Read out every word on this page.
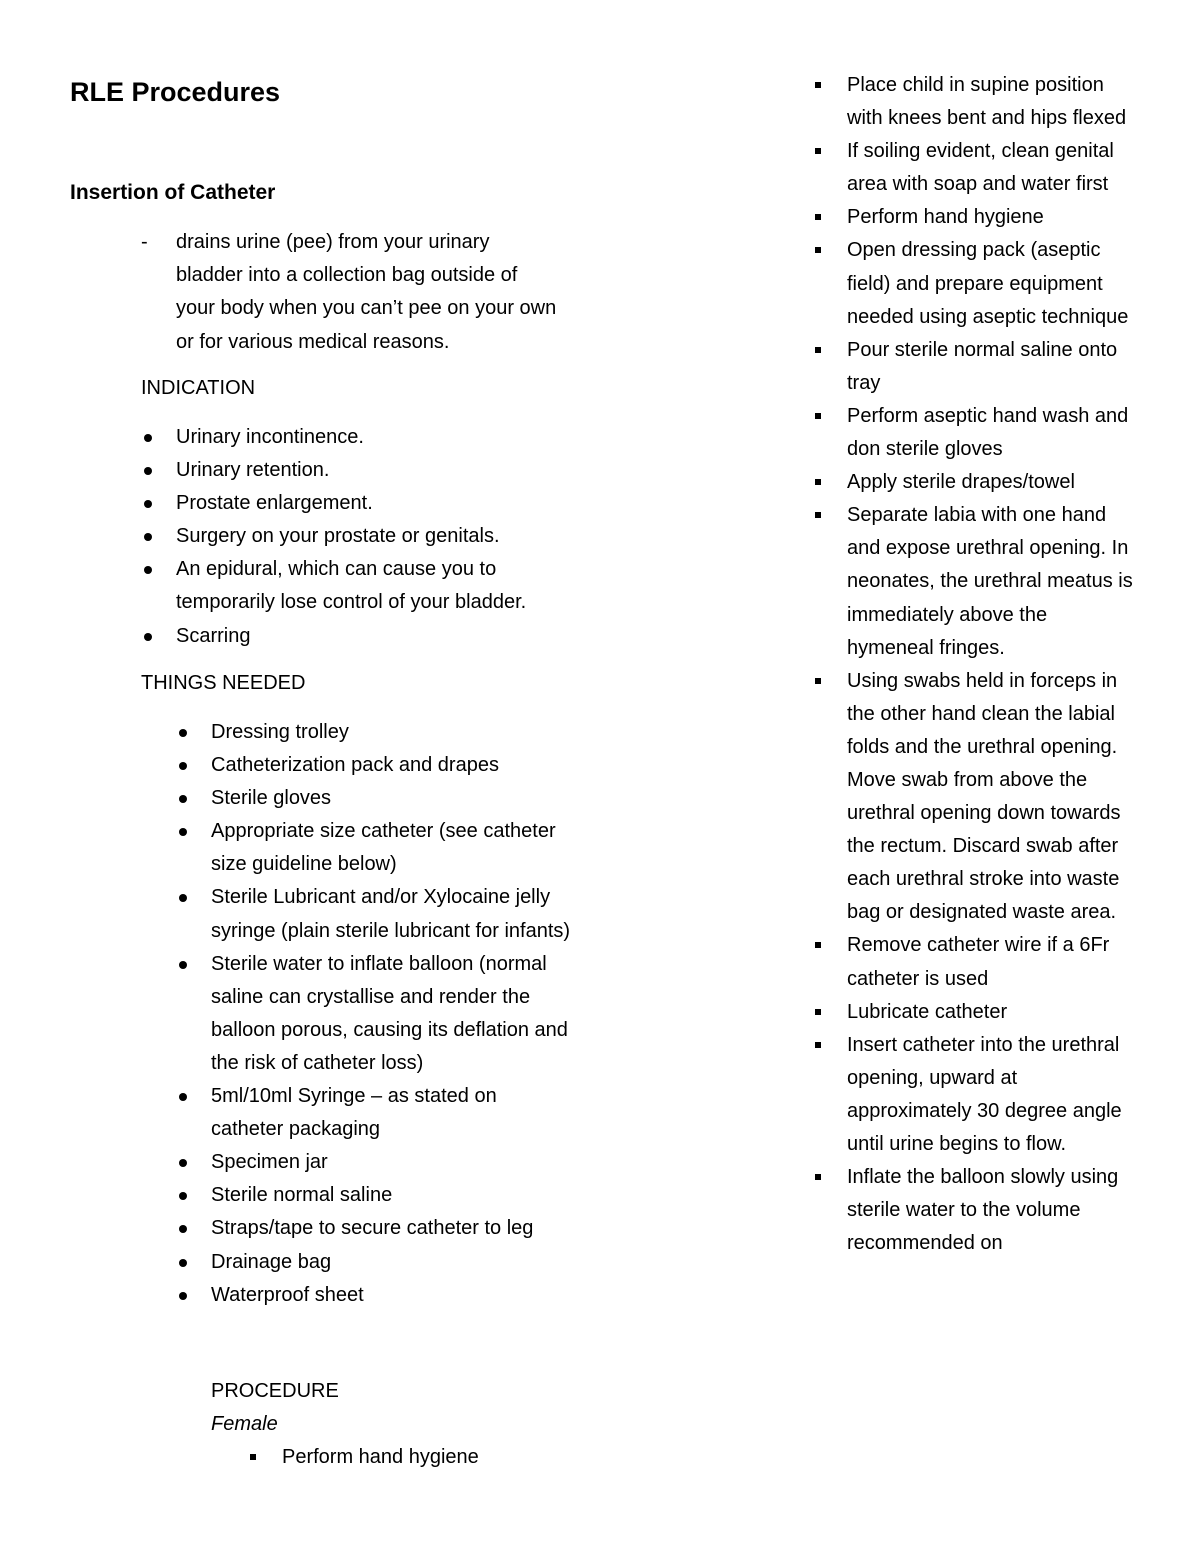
RLE Procedures
Insertion of Catheter
- drains urine (pee) from your urinary bladder into a collection bag outside of your body when you can’t pee on your own or for various medical reasons.
INDICATION
Urinary incontinence.
Urinary retention.
Prostate enlargement.
Surgery on your prostate or genitals.
An epidural, which can cause you to temporarily lose control of your bladder.
Scarring
THINGS NEEDED
Dressing trolley
Catheterization pack and drapes
Sterile gloves
Appropriate size catheter (see catheter size guideline below)
Sterile Lubricant and/or Xylocaine jelly syringe (plain sterile lubricant for infants)
Sterile water to inflate balloon (normal saline can crystallise and render the balloon porous, causing its deflation and the risk of catheter loss)
5ml/10ml Syringe – as stated on catheter packaging
Specimen jar
Sterile normal saline
Straps/tape to secure catheter to leg
Drainage bag
Waterproof sheet
PROCEDURE
Female
Perform hand hygiene
Place child in supine position with knees bent and hips flexed
If soiling evident, clean genital area with soap and water first
Perform hand hygiene
Open dressing pack (aseptic field) and prepare equipment needed using aseptic technique
Pour sterile normal saline onto tray
Perform aseptic hand wash and don sterile gloves
Apply sterile drapes/towel
Separate labia with one hand and expose urethral opening. In neonates, the urethral meatus is immediately above the hymeneal fringes.
Using swabs held in forceps in the other hand clean the labial folds and the urethral opening. Move swab from above the urethral opening down towards the rectum. Discard swab after each urethral stroke into waste bag or designated waste area.
Remove catheter wire if a 6Fr catheter is used
Lubricate catheter
Insert catheter into the urethral opening, upward at approximately 30 degree angle until urine begins to flow.
Inflate the balloon slowly using sterile water to the volume recommended on
